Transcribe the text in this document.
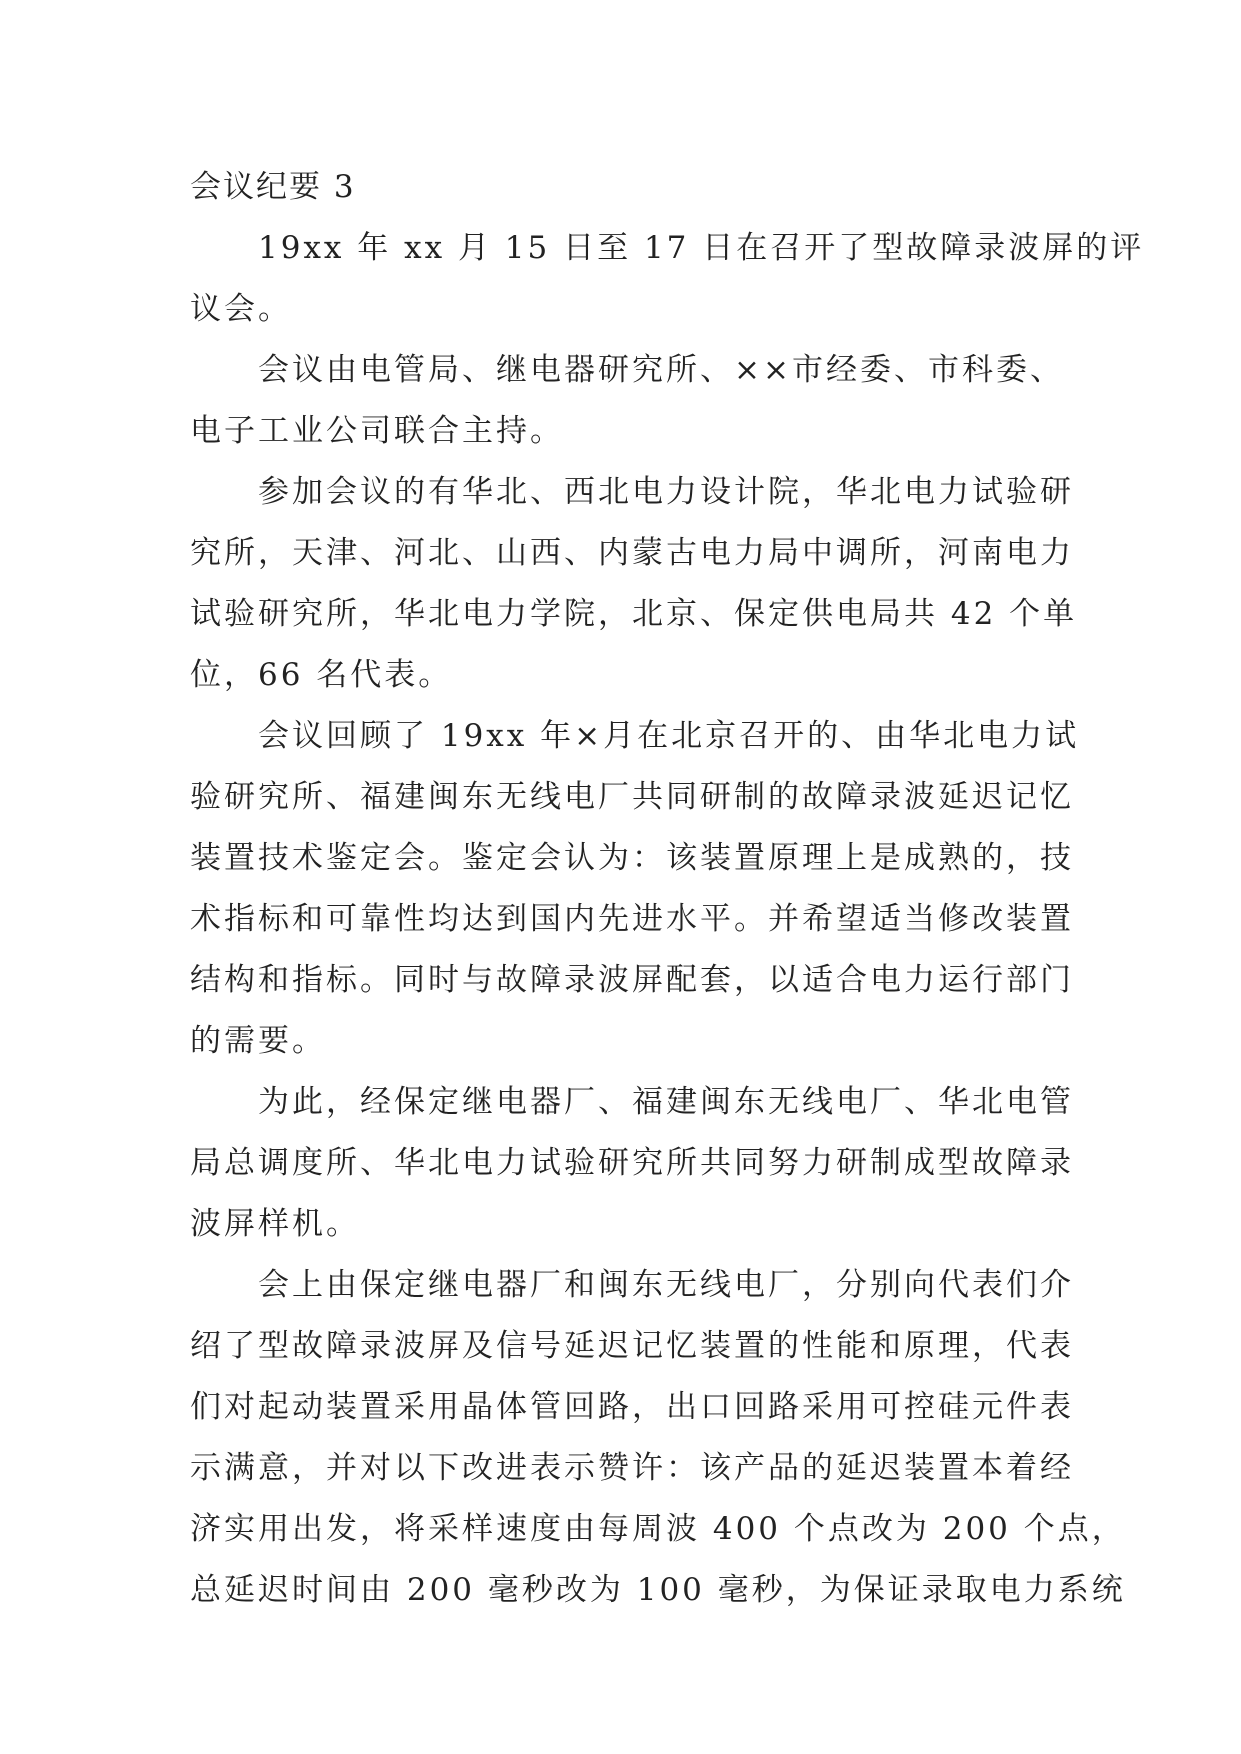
会议纪要 3
19xx 年 xx 月 15 日至 17 日在召开了型故障录波屏的评
议会。
会议由电管局、继电器研究所、××市经委、市科委、
电子工业公司联合主持。
参加会议的有华北、西北电力设计院，华北电力试验研
究所，天津、河北、山西、内蒙古电力局中调所，河南电力
试验研究所，华北电力学院，北京、保定供电局共 42 个单
位，66 名代表。
会议回顾了 19xx 年×月在北京召开的、由华北电力试
验研究所、福建闽东无线电厂共同研制的故障录波延迟记忆
装置技术鉴定会。鉴定会认为：该装置原理上是成熟的，技
术指标和可靠性均达到国内先进水平。并希望适当修改装置
结构和指标。同时与故障录波屏配套，以适合电力运行部门
的需要。
为此，经保定继电器厂、福建闽东无线电厂、华北电管
局总调度所、华北电力试验研究所共同努力研制成型故障录
波屏样机。
会上由保定继电器厂和闽东无线电厂，分别向代表们介
绍了型故障录波屏及信号延迟记忆装置的性能和原理，代表
们对起动装置采用晶体管回路，出口回路采用可控硅元件表
示满意，并对以下改进表示赞许：该产品的延迟装置本着经
济实用出发，将采样速度由每周波 400 个点改为 200 个点，
总延迟时间由 200 毫秒改为 100 毫秒，为保证录取电力系统
